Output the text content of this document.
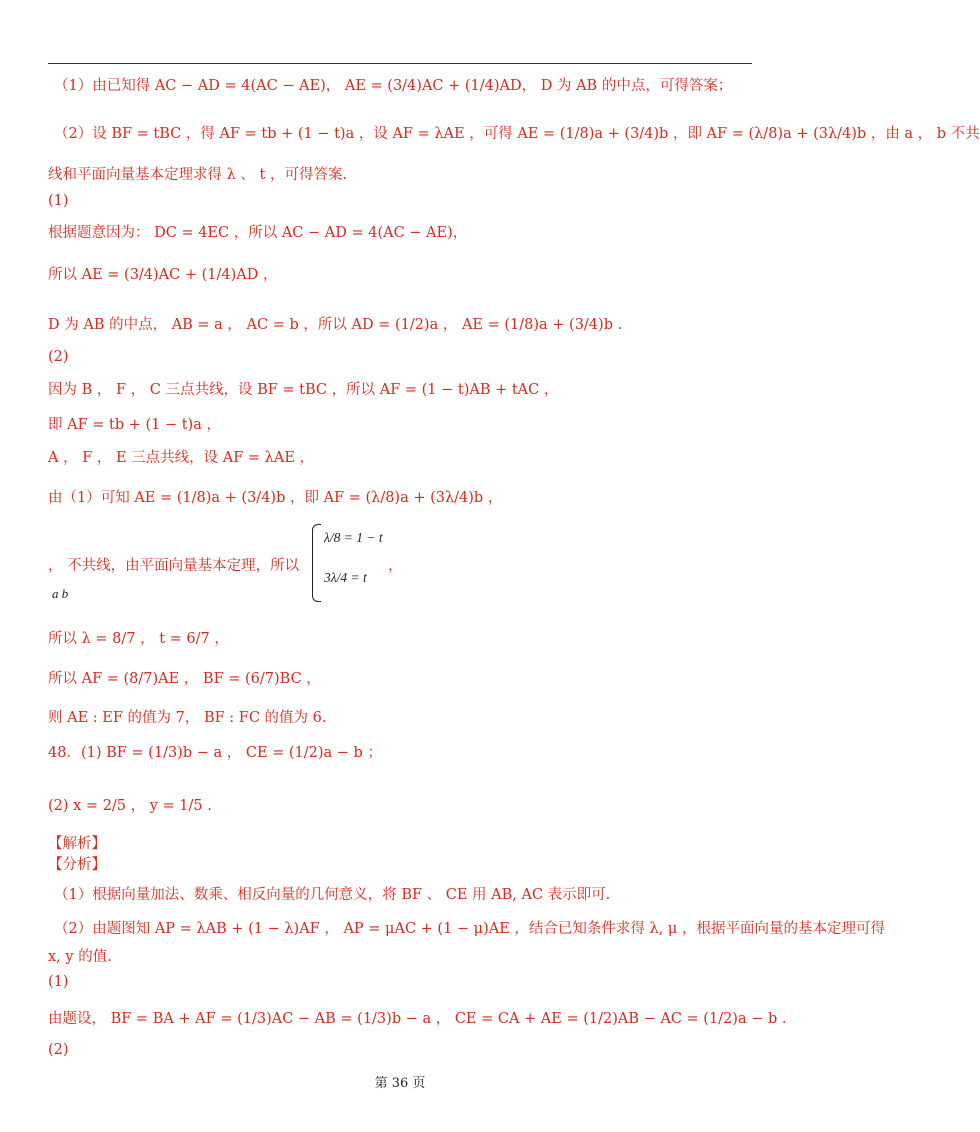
（1）由已知得 AC − AD = 4(AC − AE)， AE = (3/4)AC + (1/4)AD， D 为 AB 的中点，可得答案；
（2）设 BF = tBC ，得 AF = tb + (1 − t)a ，设 AF = λAE ，可得 AE = (1/8)a + (3/4)b ，即 AF = (λ/8)a + (3λ/4)b ，由 a ， b 不共
线和平面向量基本定理求得 λ 、 t ，可得答案.
(1)
根据题意因为： DC = 4EC ，所以 AC − AD = 4(AC − AE)，
所以 AE = (3/4)AC + (1/4)AD ，
D 为 AB 的中点， AB = a ， AC = b ，所以 AD = (1/2)a ， AE = (1/8)a + (3/4)b .
(2)
因为 B ， F ， C 三点共线，设 BF = tBC ，所以 AF = (1 − t)AB + tAC ，
即 AF = tb + (1 − t)a ，
A ， F ， E 三点共线，设 AF = λAE ，
由（1）可知 AE = (1/8)a + (3/4)b ，即 AF = (λ/8)a + (3λ/4)b ，
， 不共线，由平面向量基本定理，所以
a b
λ/8 = 1 − t
3λ/4 = t
，
所以 λ = 8/7 ， t = 6/7 ，
所以 AF = (8/7)AE ， BF = (6/7)BC ，
则 AE : EF 的值为 7， BF : FC 的值为 6.
48．(1) BF = (1/3)b − a ， CE = (1/2)a − b ；
(2) x = 2/5 ， y = 1/5 .
【解析】
【分析】
（1）根据向量加法、数乘、相反向量的几何意义，将 BF 、 CE 用 AB, AC 表示即可.
（2）由题图知 AP = λAB + (1 − λ)AF ， AP = μAC + (1 − μ)AE ，结合已知条件求得 λ, μ ，根据平面向量的基本定理可得
x, y 的值.
(1)
由题设， BF = BA + AF = (1/3)AC − AB = (1/3)b − a ， CE = CA + AE = (1/2)AB − AC = (1/2)a − b .
(2)
第 36 页
